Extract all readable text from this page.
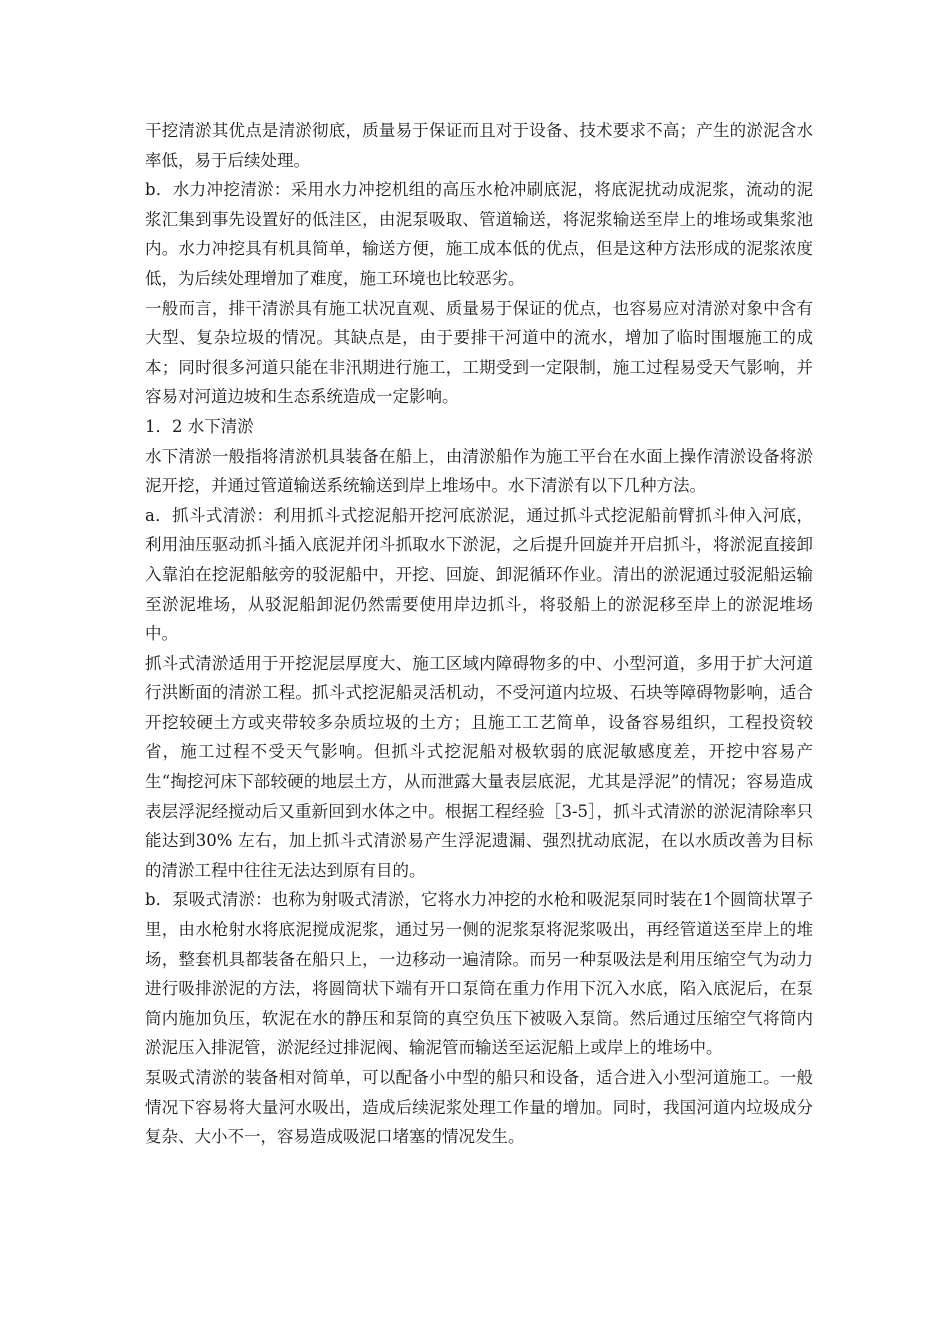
干挖清淤其优点是清淤彻底，质量易于保证而且对于设备、技术要求不高；产生的淤泥含水率低，易于后续处理。

b．水力冲挖清淤：采用水力冲挖机组的高压水枪冲刷底泥，将底泥扰动成泥浆，流动的泥浆汇集到事先设置好的低洼区，由泥泵吸取、管道输送，将泥浆输送至岸上的堆场或集浆池内。水力冲挖具有机具简单，输送方便，施工成本低的优点，但是这种方法形成的泥浆浓度低，为后续处理增加了难度，施工环境也比较恶劣。

一般而言，排干清淤具有施工状况直观、质量易于保证的优点，也容易应对清淤对象中含有大型、复杂垃圾的情况。其缺点是，由于要排干河道中的流水，增加了临时围堰施工的成本；同时很多河道只能在非汛期进行施工，工期受到一定限制，施工过程易受天气影响，并容易对河道边坡和生态系统造成一定影响。

1．2 水下清淤

水下清淤一般指将清淤机具装备在船上，由清淤船作为施工平台在水面上操作清淤设备将淤泥开挖，并通过管道输送系统输送到岸上堆场中。水下清淤有以下几种方法。

a．抓斗式清淤：利用抓斗式挖泥船开挖河底淤泥，通过抓斗式挖泥船前臂抓斗伸入河底，利用油压驱动抓斗插入底泥并闭斗抓取水下淤泥，之后提升回旋并开启抓斗，将淤泥直接卸入靠泊在挖泥船舷旁的驳泥船中，开挖、回旋、卸泥循环作业。清出的淤泥通过驳泥船运输至淤泥堆场，从驳泥船卸泥仍然需要使用岸边抓斗，将驳船上的淤泥移至岸上的淤泥堆场中。

抓斗式清淤适用于开挖泥层厚度大、施工区域内障碍物多的中、小型河道，多用于扩大河道行洪断面的清淤工程。抓斗式挖泥船灵活机动，不受河道内垃圾、石块等障碍物影响，适合开挖较硬土方或夹带较多杂质垃圾的土方；且施工工艺简单，设备容易组织，工程投资较省，施工过程不受天气影响。但抓斗式挖泥船对极软弱的底泥敏感度差，开挖中容易产生“掏挖河床下部较硬的地层土方，从而泄露大量表层底泥，尤其是浮泥”的情况；容易造成表层浮泥经搅动后又重新回到水体之中。根据工程经验［3-5］，抓斗式清淤的淤泥清除率只能达到30% 左右，加上抓斗式清淤易产生浮泥遗漏、强烈扰动底泥，在以水质改善为目标的清淤工程中往往无法达到原有目的。

b．泵吸式清淤：也称为射吸式清淤，它将水力冲挖的水枪和吸泥泵同时装在1个圆筒状罩子里，由水枪射水将底泥搅成泥浆，通过另一侧的泥浆泵将泥浆吸出，再经管道送至岸上的堆场，整套机具都装备在船只上，一边移动一遍清除。而另一种泵吸法是利用压缩空气为动力进行吸排淤泥的方法，将圆筒状下端有开口泵筒在重力作用下沉入水底，陷入底泥后，在泵筒内施加负压，软泥在水的静压和泵筒的真空负压下被吸入泵筒。然后通过压缩空气将筒内淤泥压入排泥管，淤泥经过排泥阀、输泥管而输送至运泥船上或岸上的堆场中。

泵吸式清淤的装备相对简单，可以配备小中型的船只和设备，适合进入小型河道施工。一般情况下容易将大量河水吸出，造成后续泥浆处理工作量的增加。同时，我国河道内垃圾成分复杂、大小不一，容易造成吸泥口堵塞的情况发生。
